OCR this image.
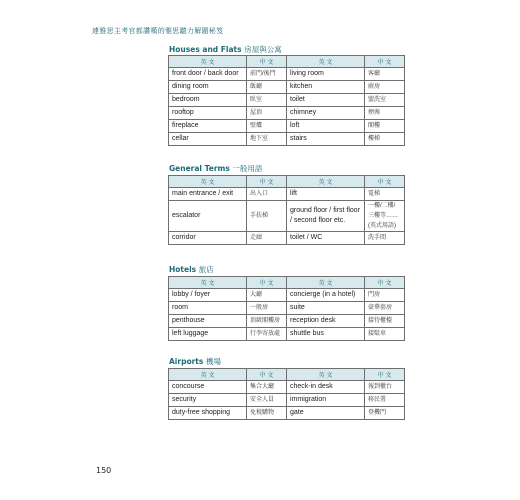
連雅思主考官都讚嘆的雅思聽力解題秘笈
Houses and Flats 房屋與公寓
英 文	中 文	英 文	中 文
front door / back door	前門/後門	living room	客廳
dining room	飯廳	kitchen	廚房
bedroom	臥室	toilet	盥洗室
rooftop	屋頂	chimney	煙囪
fireplace	壁爐	loft	閣樓
cellar	地下室	stairs	樓梯
General Terms 一般用語
英 文	中 文	英 文	中 文
main entrance / exit	出入口	lift	電梯
escalator	手扶梯	ground floor / first floor / second floor etc.	一樓/二樓/三樓等……(英式用語)
corridor	走廊	toilet / WC	洗手間
Hotels 旅店
英 文	中 文	英 文	中 文
lobby / foyer	大廳	concierge (in a hotel)	門房
room	一般房	suite	豪華套房
penthouse	頂級閣樓房	reception desk	接待櫃檯
left luggage	行李寄放處	shuttle bus	接駁車
Airports 機場
英 文	中 文	英 文	中 文
concourse	集合大廳	check-in desk	報到櫃台
security	安全人員	immigration	移民署
duty-free shopping	免稅購物	gate	登機門
150
